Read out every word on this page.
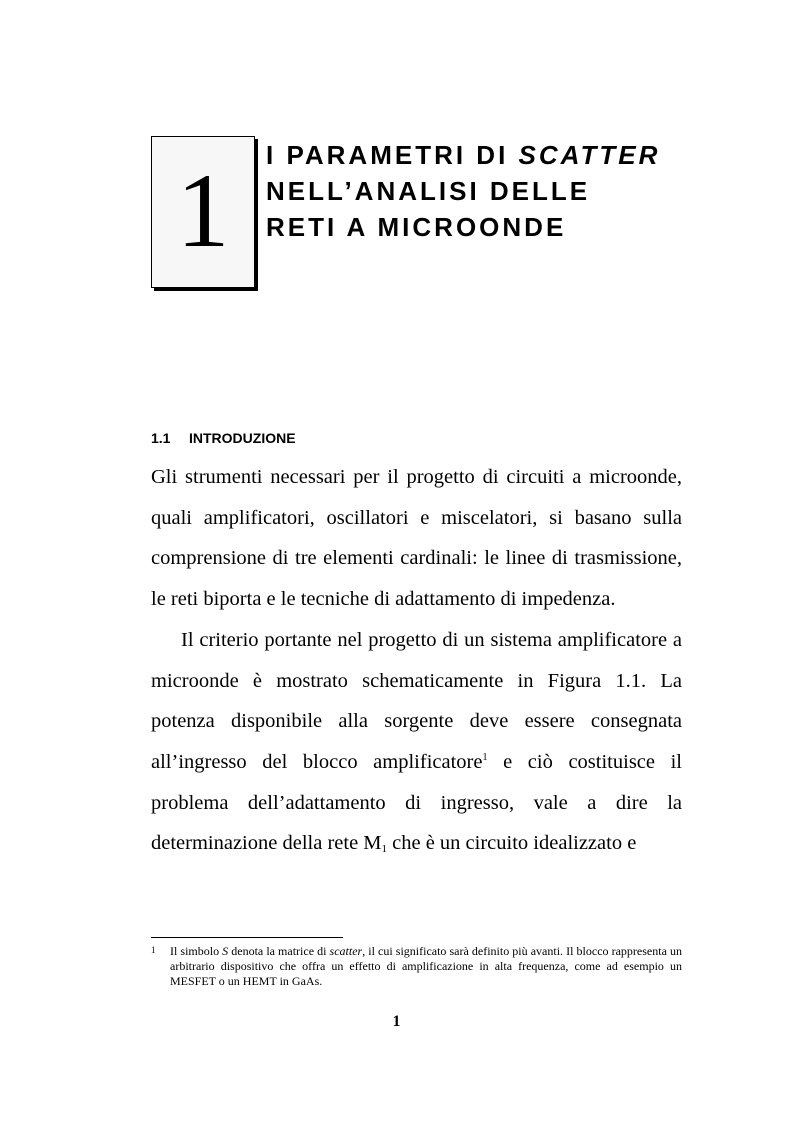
1	I PARAMETRI DI SCATTER
NELL’ANALISI DELLE
RETI A MICROONDE
1.1 INTRODUZIONE

Gli strumenti necessari per il progetto di circuiti a microonde, quali amplificatori, oscillatori e miscelatori, si basano sulla comprensione di tre elementi cardinali: le linee di trasmissione, le reti biporta e le tecniche di adattamento di impedenza.

Il criterio portante nel progetto di un sistema amplificatore a microonde è mostrato schematicamente in Figura 1.1. La potenza disponibile alla sorgente deve essere consegnata all’ingresso del blocco amplificatore$^1$ e ciò costituisce il problema dell’adattamento di ingresso, vale a dire la determinazione della rete $M_1$ che è un circuito idealizzato e

1	Il simbolo S denota la matrice di scatter, il cui significato sarà definito più avanti. Il blocco rappresenta un arbitrario dispositivo che offra un effetto di amplificazione in alta frequenza, come ad esempio un MESFET o un HEMT in GaAs.
1
